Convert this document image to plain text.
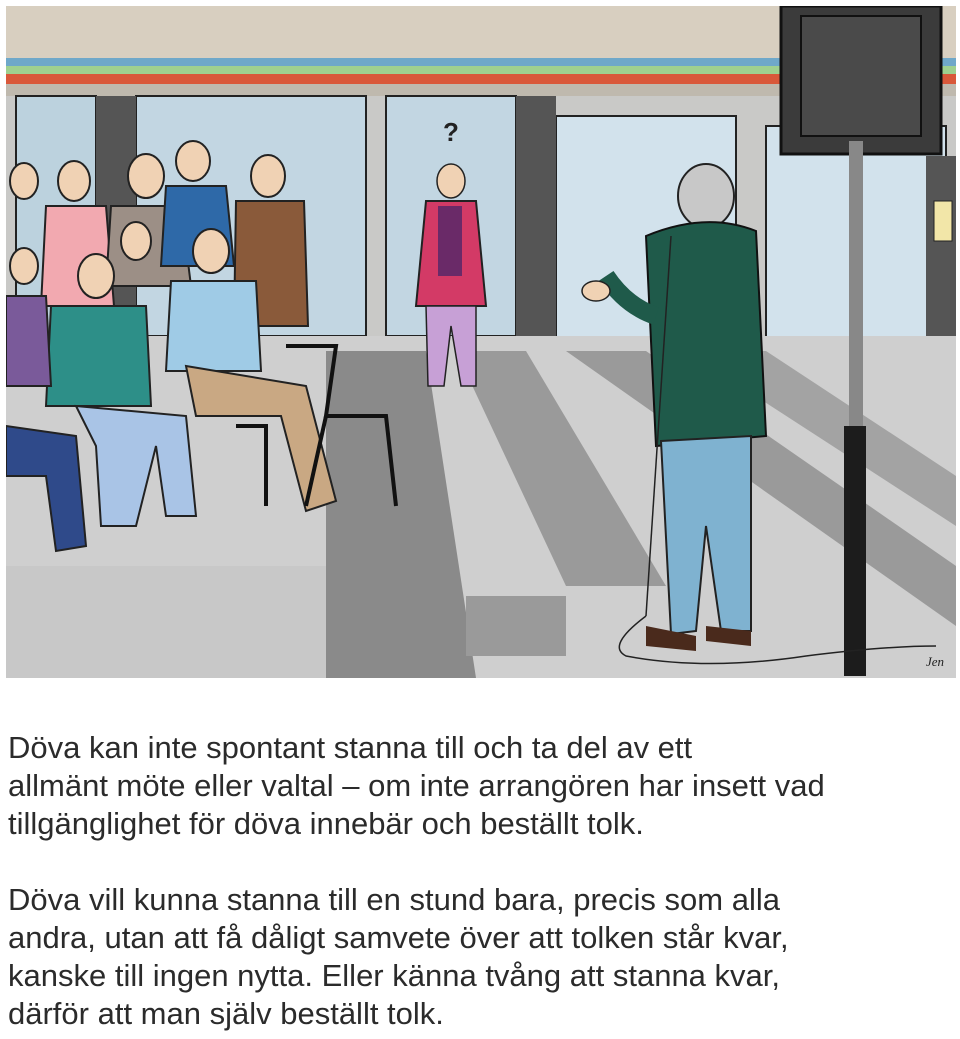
?
Jen

Döva kan inte spontant stanna till och ta del av ett
allmänt möte eller valtal – om inte arrangören har insett vad
tillgänglighet för döva innebär och beställt tolk.

Döva vill kunna stanna till en stund bara, precis som alla
andra, utan att få dåligt samvete över att tolken står kvar,
kanske till ingen nytta. Eller känna tvång att stanna kvar,
därför att man själv beställt tolk.
